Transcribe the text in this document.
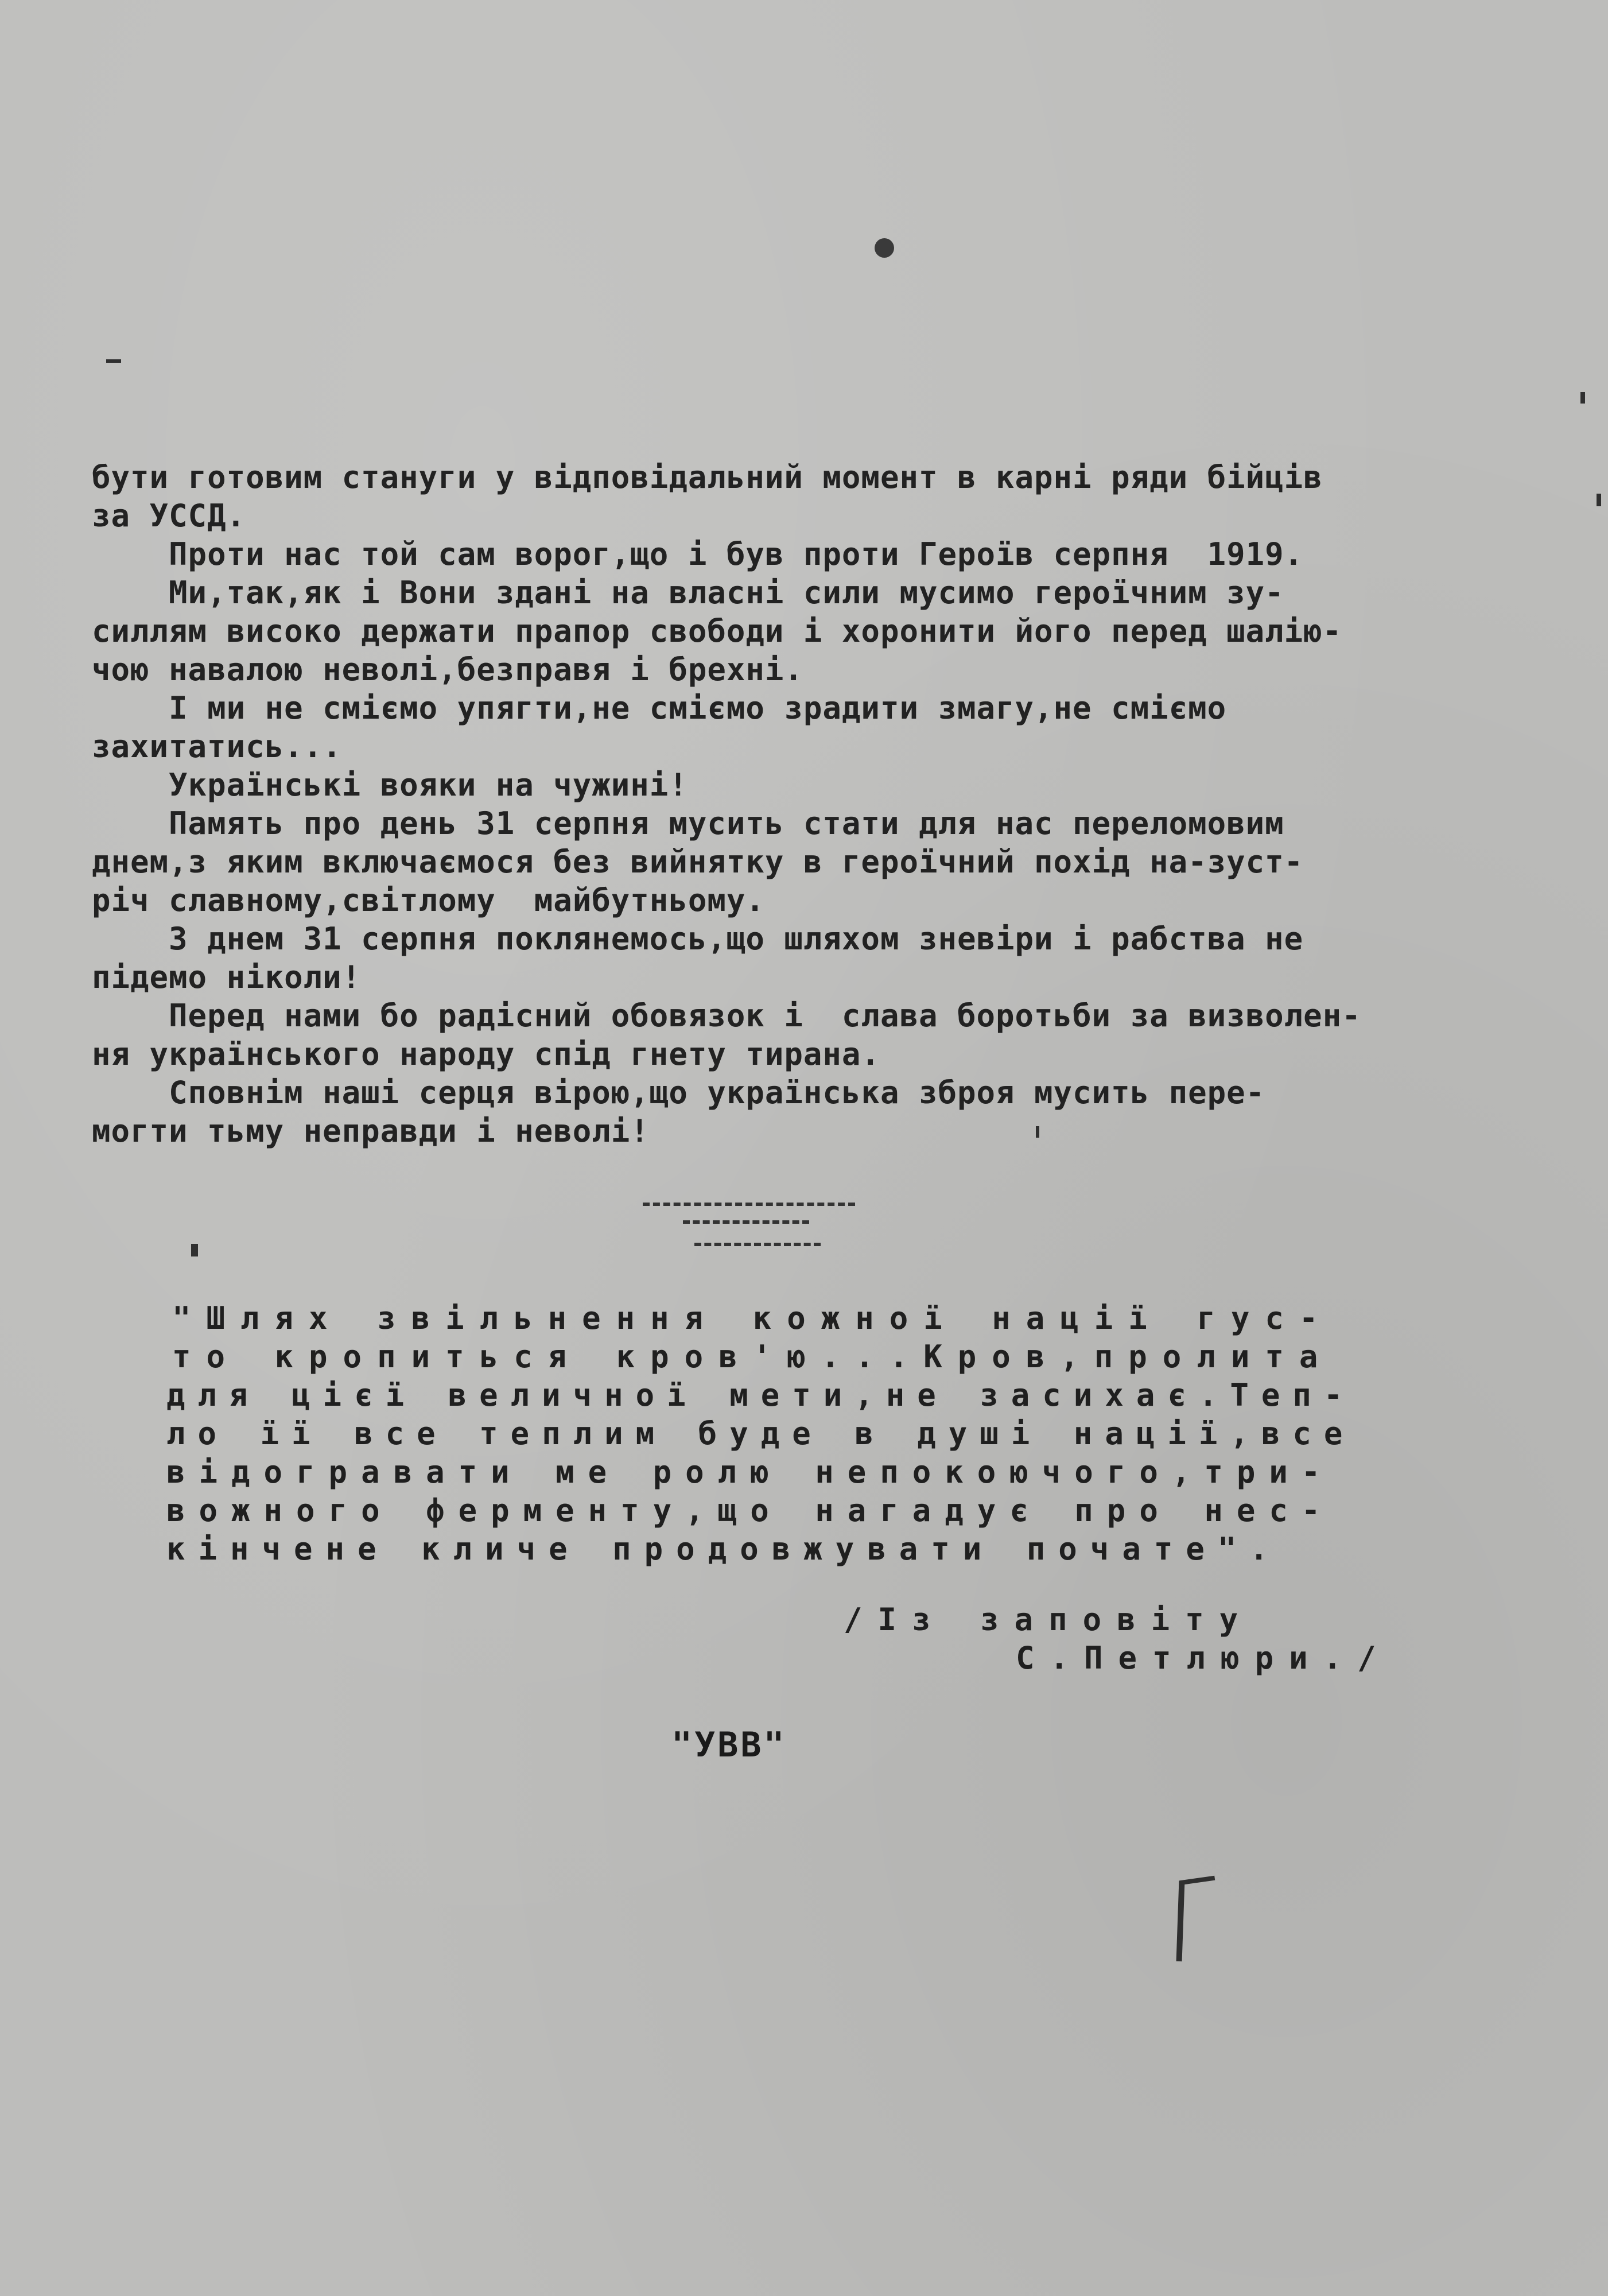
бути готовим стануги у відповідальний момент в карні ряди бійців
за УССД.
Проти нас той сам ворог,що і був проти Героїв серпня  1919.
Ми,так,як і Вони здані на власні сили мусимо героїчним зу-
силлям високо держати прапор свободи і хоронити його перед шалію-
чою навалою неволі,безправя і брехні.
І ми не сміємо упягти,не сміємо зрадити змагу,не сміємо
захитатись...
Українські вояки на чужині!
Память про день 31 серпня мусить стати для нас переломовим
днем,з яким включаємося без вийнятку в героїчний похід на-зуст-
річ славному,світлому  майбутньому.
З днем 31 серпня поклянемось,що шляхом зневіри і рабства не
підемо ніколи!
Перед нами бо радісний обовязок і  слава боротьби за визволен-
ня українського народу спід гнету тирана.
Сповнім наші серця вірою,що українська зброя мусить пере-
могти тьму неправди і неволі!
"Шлях звільнення кожної нації гус-
то кропиться кров'ю...Кров,пролита
для цієї величної мети,не засихає.Теп-
ло її все теплим буде в душі нації,все
відогравати ме ролю непокоючого,три-
вожного ферменту,що нагадує про нес-
кінчене кличе продовжувати почате".
/Із заповіту
С.Петлюри./
"УВВ"
